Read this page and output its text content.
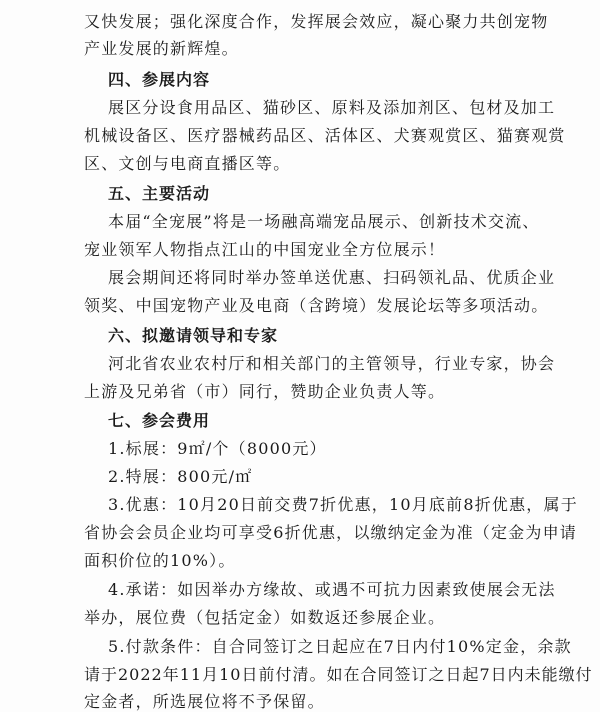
又快发展；强化深度合作，发挥展会效应，凝心聚力共创宠物
产业发展的新辉煌。
四、参展内容
展区分设食用品区、猫砂区、原料及添加剂区、包材及加工
机械设备区、医疗器械药品区、活体区、犬赛观赏区、猫赛观赏
区、文创与电商直播区等。
五、主要活动
本届“全宠展”将是一场融高端宠品展示、创新技术交流、
宠业领军人物指点江山的中国宠业全方位展示！
展会期间还将同时举办签单送优惠、扫码领礼品、优质企业
领奖、中国宠物产业及电商（含跨境）发展论坛等多项活动。
六、拟邀请领导和专家
河北省农业农村厅和相关部门的主管领导，行业专家，协会
上游及兄弟省（市）同行，赞助企业负责人等。
七、参会费用
1.标展：9㎡/个（8000元）
2.特展：800元/㎡
3.优惠：10月20日前交费7折优惠，10月底前8折优惠，属于
省协会会员企业均可享受6折优惠，以缴纳定金为准（定金为申请
面积价位的10%）。
4.承诺：如因举办方缘故、或遇不可抗力因素致使展会无法
举办，展位费（包括定金）如数返还参展企业。
5.付款条件：自合同签订之日起应在7日内付10%定金，余款
请于2022年11月10日前付清。如在合同签订之日起7日内未能缴付
定金者，所选展位将不予保留。
